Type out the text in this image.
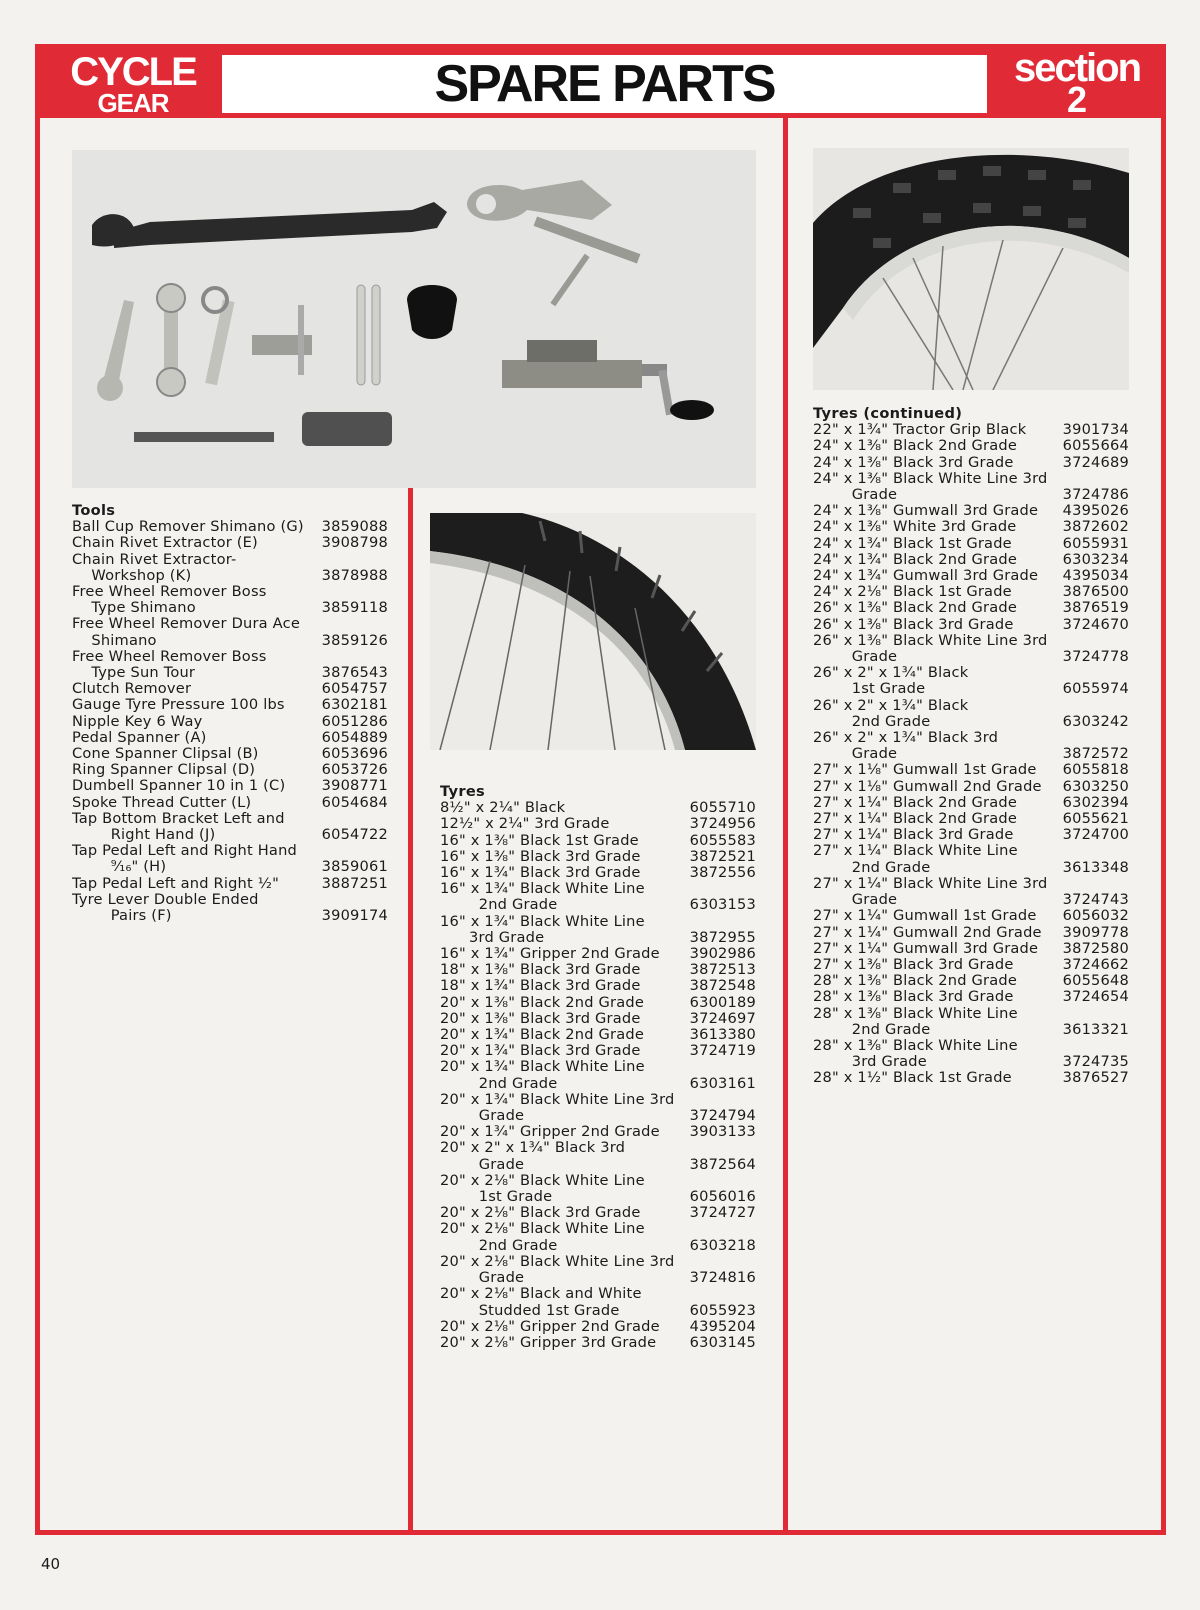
CYCLE
GEAR	SPARE PARTS	section
2
Tools
Ball Cup Remover Shimano (G) 3859088
Chain Rivet Extractor (E)	3908798
Chain Rivet Extractor-
Workshop (K)	3878988
Free Wheel Remover Boss
Type Shimano	3859118
Free Wheel Remover Dura Ace
Shimano	3859126
Free Wheel Remover Boss
Type Sun Tour	3876543
Clutch Remover	6054757
Gauge Tyre Pressure 100 lbs	6302181
Nipple Key 6 Way	6051286
Pedal Spanner (A)	6054889
Cone Spanner Clipsal (B)	6053696
Ring Spanner Clipsal (D)	6053726
Dumbell Spanner 10 in 1 (C) 3908771
Spoke Thread Cutter (L)	6054684
Tap Bottom Bracket Left and
Right Hand (J)	6054722
Tap Pedal Left and Right Hand
⁹⁄₁₆" (H)	3859061
Tap Pedal Left and Right ½"	3887251
Tyre Lever Double Ended
Pairs (F)	3909174
Tyres
8½" x 2¼" Black	6055710
12½" x 2¼" 3rd Grade	3724956
16" x 1⅜" Black 1st Grade	6055583
16" x 1⅜" Black 3rd Grade	3872521
16" x 1¾" Black 3rd Grade	3872556
16" x 1¾" Black White Line
2nd Grade	6303153
16" x 1¾" Black White Line
3rd Grade	3872955
16" x 1¾" Gripper 2nd Grade 3902986
18" x 1⅜" Black 3rd Grade	3872513
18" x 1¾" Black 3rd Grade	3872548
20" x 1⅜" Black 2nd Grade	6300189
20" x 1⅜" Black 3rd Grade	3724697
20" x 1¾" Black 2nd Grade	3613380
20" x 1¾" Black 3rd Grade	3724719
20" x 1¾" Black White Line
2nd Grade	6303161
20" x 1¾" Black White Line 3rd
Grade	3724794
20" x 1¾" Gripper 2nd Grade 3903133
20" x 2" x 1¾" Black 3rd
Grade	3872564
20" x 2⅛" Black White Line
1st Grade	6056016
20" x 2⅛" Black 3rd Grade	3724727
20" x 2⅛" Black White Line
2nd Grade	6303218
20" x 2⅛" Black White Line 3rd
Grade	3724816
20" x 2⅛" Black and White
Studded 1st Grade	6055923
20" x 2⅛" Gripper 2nd Grade 4395204
20" x 2⅛" Gripper 3rd Grade 6303145
Tyres (continued)
22" x 1¾" Tractor Grip Black 3901734
24" x 1⅜" Black 2nd Grade	6055664
24" x 1⅜" Black 3rd Grade	3724689
24" x 1⅜" Black White Line 3rd
Grade	3724786
24" x 1⅜" Gumwall 3rd Grade 4395026
24" x 1⅜" White 3rd Grade	3872602
24" x 1¾" Black 1st Grade	6055931
24" x 1¾" Black 2nd Grade	6303234
24" x 1¾" Gumwall 3rd Grade 4395034
24" x 2⅛" Black 1st Grade	3876500
26" x 1⅜" Black 2nd Grade	3876519
26" x 1⅜" Black 3rd Grade	3724670
26" x 1⅜" Black White Line 3rd
Grade	3724778
26" x 2" x 1¾" Black
1st Grade	6055974
26" x 2" x 1¾" Black
2nd Grade	6303242
26" x 2" x 1¾" Black 3rd
Grade	3872572
27" x 1⅛" Gumwall 1st Grade 6055818
27" x 1⅛" Gumwall 2nd Grade 6303250
27" x 1¼" Black 2nd Grade	6302394
27" x 1¼" Black 2nd Grade	6055621
27" x 1¼" Black 3rd Grade	3724700
27" x 1¼" Black White Line
2nd Grade	3613348
27" x 1¼" Black White Line 3rd
Grade	3724743
27" x 1¼" Gumwall 1st Grade 6056032
27" x 1¼" Gumwall 2nd Grade 3909778
27" x 1¼" Gumwall 3rd Grade 3872580
27" x 1⅜" Black 3rd Grade	3724662
28" x 1⅜" Black 2nd Grade	6055648
28" x 1⅜" Black 3rd Grade	3724654
28" x 1⅜" Black White Line
2nd Grade	3613321
28" x 1⅜" Black White Line
3rd Grade	3724735
28" x 1½" Black 1st Grade	3876527
40
